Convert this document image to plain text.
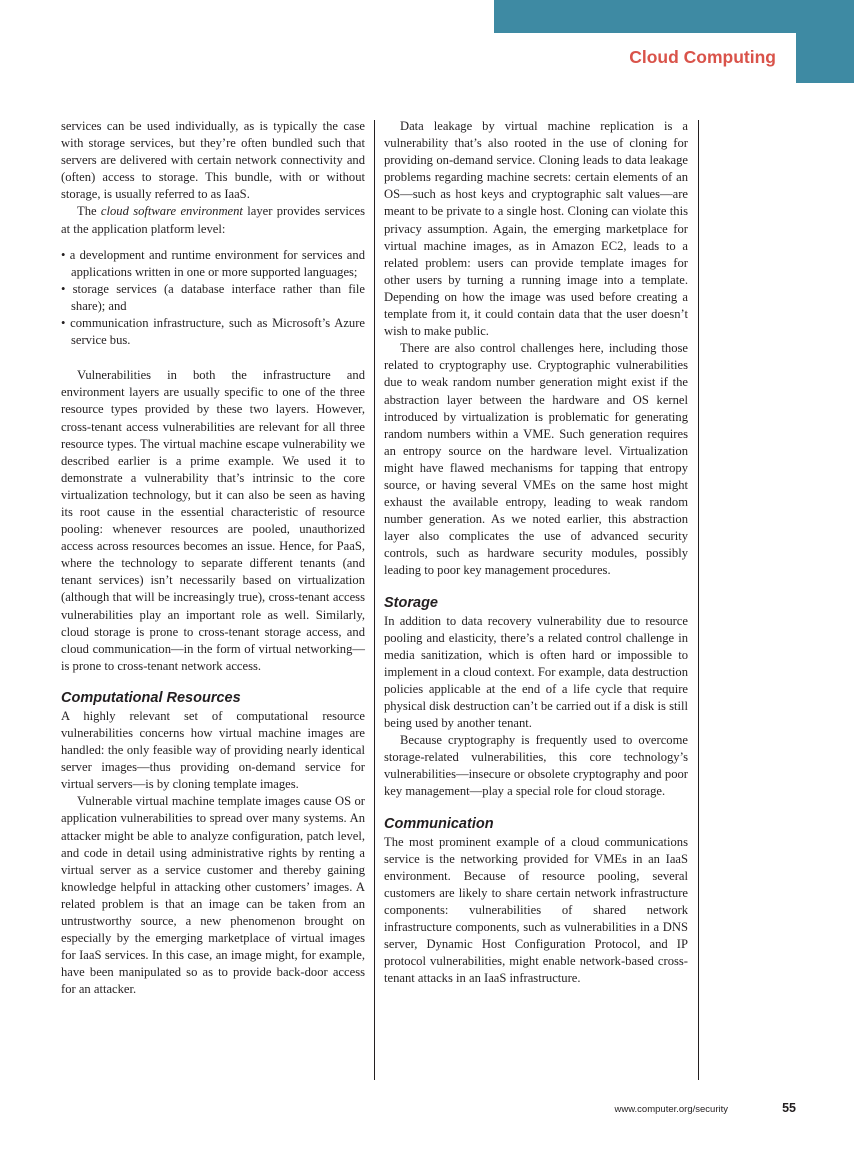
Cloud Computing

services can be used individually, as is typically the case with storage services, but they’re often bundled such that servers are delivered with certain network connectivity and (often) access to storage. This bundle, with or without storage, is usually referred to as IaaS.

The cloud software environment layer provides services at the application platform level:

• a development and runtime environment for services and applications written in one or more supported languages;
• storage services (a database interface rather than file share); and
• communication infrastructure, such as Microsoft’s Azure service bus.

Vulnerabilities in both the infrastructure and environment layers are usually specific to one of the three resource types provided by these two layers. However, cross-tenant access vulnerabilities are relevant for all three resource types. The virtual machine escape vulnerability we described earlier is a prime example. We used it to demonstrate a vulnerability that’s intrinsic to the core virtualization technology, but it can also be seen as having its root cause in the essential characteristic of resource pooling: whenever resources are pooled, unauthorized access across resources becomes an issue. Hence, for PaaS, where the technology to separate different tenants (and tenant services) isn’t necessarily based on virtualization (although that will be increasingly true), cross-tenant access vulnerabilities play an important role as well. Similarly, cloud storage is prone to cross-tenant storage access, and cloud communication—in the form of virtual networking—is prone to cross-tenant network access.

Computational Resources

A highly relevant set of computational resource vulnerabilities concerns how virtual machine images are handled: the only feasible way of providing nearly identical server images—thus providing on-demand service for virtual servers—is by cloning template images.

Vulnerable virtual machine template images cause OS or application vulnerabilities to spread over many systems. An attacker might be able to analyze configuration, patch level, and code in detail using administrative rights by renting a virtual server as a service customer and thereby gaining knowledge helpful in attacking other customers’ images. A related problem is that an image can be taken from an untrustworthy source, a new phenomenon brought on especially by the emerging marketplace of virtual images for IaaS services. In this case, an image might, for example, have been manipulated so as to provide back-door access for an attacker.

Data leakage by virtual machine replication is a vulnerability that’s also rooted in the use of cloning for providing on-demand service. Cloning leads to data leakage problems regarding machine secrets: certain elements of an OS—such as host keys and cryptographic salt values—are meant to be private to a single host. Cloning can violate this privacy assumption. Again, the emerging marketplace for virtual machine images, as in Amazon EC2, leads to a related problem: users can provide template images for other users by turning a running image into a template. Depending on how the image was used before creating a template from it, it could contain data that the user doesn’t wish to make public.

There are also control challenges here, including those related to cryptography use. Cryptographic vulnerabilities due to weak random number generation might exist if the abstraction layer between the hardware and OS kernel introduced by virtualization is problematic for generating random numbers within a VME. Such generation requires an entropy source on the hardware level. Virtualization might have flawed mechanisms for tapping that entropy source, or having several VMEs on the same host might exhaust the available entropy, leading to weak random number generation. As we noted earlier, this abstraction layer also complicates the use of advanced security controls, such as hardware security modules, possibly leading to poor key management procedures.

Storage

In addition to data recovery vulnerability due to resource pooling and elasticity, there’s a related control challenge in media sanitization, which is often hard or impossible to implement in a cloud context. For example, data destruction policies applicable at the end of a life cycle that require physical disk destruction can’t be carried out if a disk is still being used by another tenant.

Because cryptography is frequently used to overcome storage-related vulnerabilities, this core technology’s vulnerabilities—insecure or obsolete cryptography and poor key management—play a special role for cloud storage.

Communication

The most prominent example of a cloud communications service is the networking provided for VMEs in an IaaS environment. Because of resource pooling, several customers are likely to share certain network infrastructure components: vulnerabilities of shared network infrastructure components, such as vulnerabilities in a DNS server, Dynamic Host Configuration Protocol, and IP protocol vulnerabilities, might enable network-based cross-tenant attacks in an IaaS infrastructure.

www.computer.org/security	55
